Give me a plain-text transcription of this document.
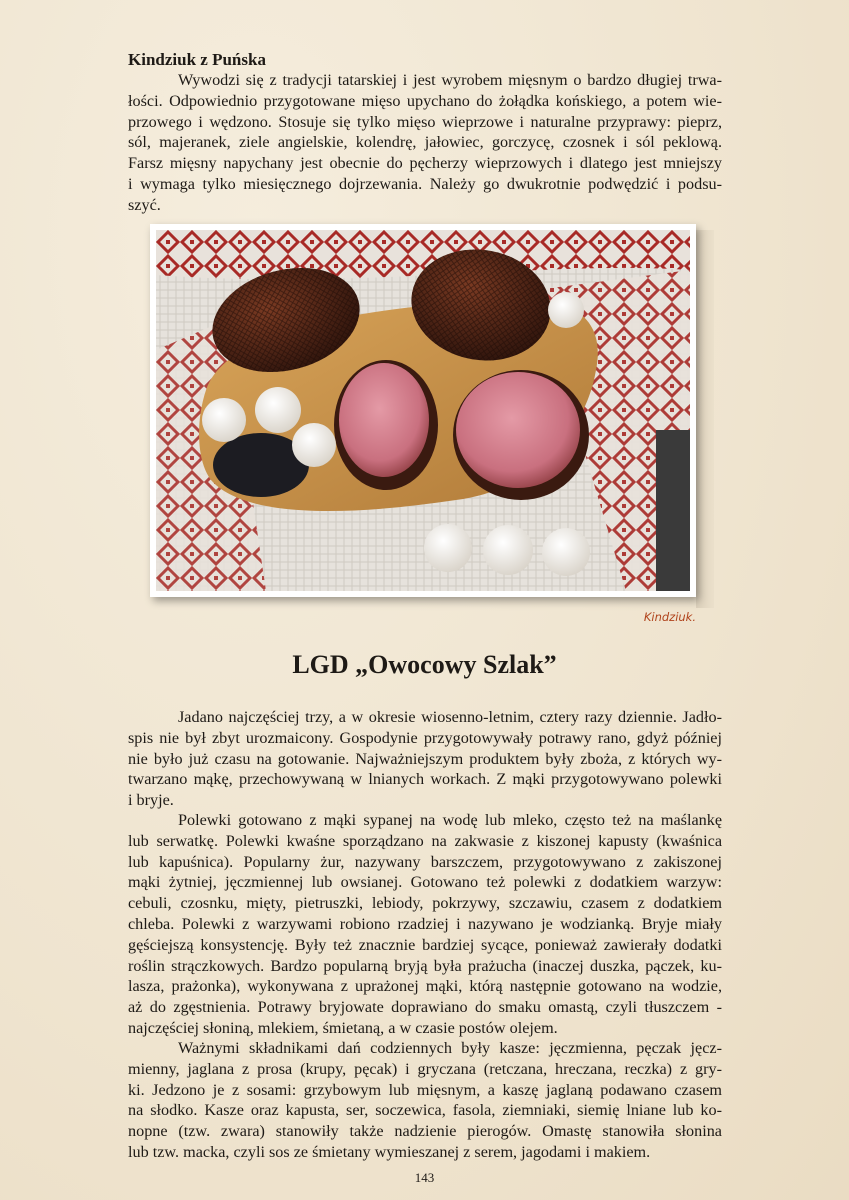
Kindziuk z Puńska
Wywodzi się z tradycji tatarskiej i jest wyrobem mięsnym o bardzo długiej trwa-
łości. Odpowiednio przygotowane mięso upychano do żołądka końskiego, a potem wie-
przowego i wędzono. Stosuje się tylko mięso wieprzowe i naturalne przyprawy: pieprz,
sól, majeranek, ziele angielskie, kolendrę, jałowiec, gorczycę, czosnek i sól peklową.
Farsz mięsny napychany jest obecnie do pęcherzy wieprzowych i dlatego jest mniejszy
i wymaga tylko miesięcznego dojrzewania. Należy go dwukrotnie podwędzić i podsu-
szyć.

Kindziuk.

LGD „Owocowy Szlak”
Jadano najczęściej trzy, a w okresie wiosenno-letnim, cztery razy dziennie. Jadło-
spis nie był zbyt urozmaicony. Gospodynie przygotowywały potrawy rano, gdyż później
nie było już czasu na gotowanie. Najważniejszym produktem były zboża, z których wy-
twarzano mąkę, przechowywaną w lnianych workach. Z mąki przygotowywano polewki
i bryje.
Polewki gotowano z mąki sypanej na wodę lub mleko, często też na maślankę
lub serwatkę. Polewki kwaśne sporządzano na zakwasie z kiszonej kapusty (kwaśnica
lub kapuśnica). Popularny żur, nazywany barszczem, przygotowywano z zakiszonej
mąki żytniej, jęczmiennej lub owsianej. Gotowano też polewki z dodatkiem warzyw:
cebuli, czosnku, mięty, pietruszki, lebiody, pokrzywy, szczawiu, czasem z dodatkiem
chleba. Polewki z warzywami robiono rzadziej i nazywano je wodzianką. Bryje miały
gęściejszą konsystencję. Były też znacznie bardziej sycące, ponieważ zawierały dodatki
roślin strączkowych. Bardzo popularną bryją była prażucha (inaczej duszka, pączek, ku-
lasza, prażonka), wykonywana z uprażonej mąki, którą następnie gotowano na wodzie,
aż do zgęstnienia. Potrawy bryjowate doprawiano do smaku omastą, czyli tłuszczem -
najczęściej słoniną, mlekiem, śmietaną, a w czasie postów olejem.
Ważnymi składnikami dań codziennych były kasze: jęczmienna, pęczak jęcz-
mienny, jaglana z prosa (krupy, pęcak) i gryczana (retczana, hreczana, reczka) z gry-
ki. Jedzono je z sosami: grzybowym lub mięsnym, a kaszę jaglaną podawano czasem
na słodko. Kasze oraz kapusta, ser, soczewica, fasola, ziemniaki, siemię lniane lub ko-
nopne (tzw. zwara) stanowiły także nadzienie pierogów. Omastę stanowiła słonina
lub tzw. macka, czyli sos ze śmietany wymieszanej z serem, jagodami i makiem.

143
